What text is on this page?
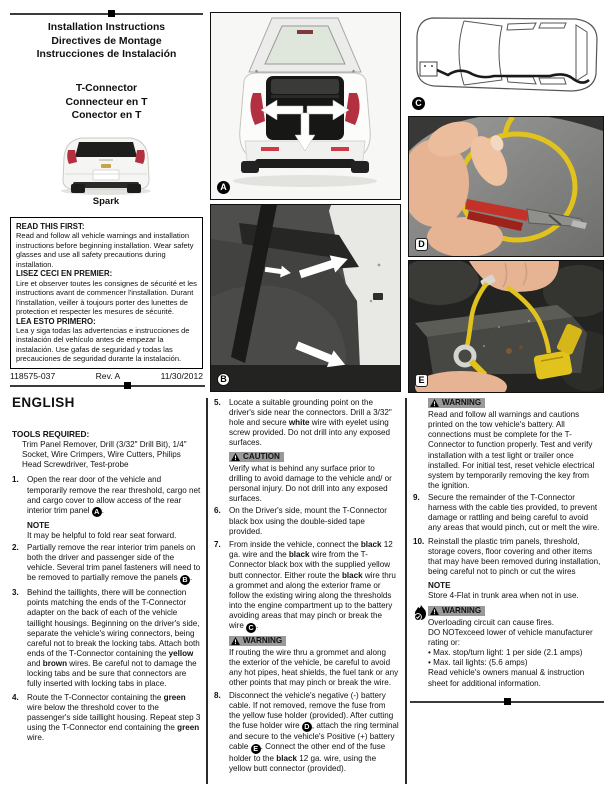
Installation Instructions
Directives de Montage
Instrucciones de Instalación
T-Connector
Connecteur en T
Conector en T
Spark
READ THIS FIRST:
Read and follow all vehicle warnings and installation instructions before beginning installation. Wear safety glasses and use all safety precautions during installation.
LISEZ CECI EN PREMIER:
Lire et observer toutes les consignes de sécurité et les instructions avant de commencer l'installation. Durant l'installation, veiller à toujours porter des lunettes de protection et respecter les mesures de sécurité.
LEA ESTO PRIMERO:
Lea y siga todas las advertencias e instrucciones de instalación del vehículo antes de empezar la instalación. Use gafas de seguridad y todas las precauciones de seguridad durante la instalación.
118575-037	Rev. A	11/30/2012
A
B
C
D
E
ENGLISH
TOOLS REQUIRED:
Trim Panel Remover, Drill (3/32" Drill Bit), 1/4" Socket, Wire Crimpers, Wire Cutters, Philips Head Screwdriver, Test-probe
1.	Open the rear door of the vehicle and temporarily remove the rear threshold, cargo net and cargo cover to allow access of the rear interior trim panel A .
NOTE
It may be helpful to fold rear seat forward.
2.	Partially remove the rear interior trim panels on both the driver and passenger side of the vehicle. Several trim panel fasteners will need to be removed to partially remove the panels B .
3.	Behind the taillights, there will be connection points matching the ends of the T-Connector adapter on the back of each of the vehicle taillight housings. Beginning on the driver's side, separate the vehicle's wiring connectors, being careful not to break the locking tabs. Attach both ends of the T-Connector containing the yellow and brown wires. Be careful not to damage the locking tabs and be sure that connectors are fully inserted with locking tabs in place.
4.	Route the T-Connector containing the green wire below the threshold cover to the passenger's side taillight housing. Repeat step 3 using the T-Connector end containing the green wire.
5.	Locate a suitable grounding point on the driver's side near the connectors. Drill a 3/32" hole and secure white wire with eyelet using screw provided. Do not drill into any exposed surfaces.
CAUTION
Verify what is behind any surface prior to drilling to avoid damage to the vehicle and/ or personal injury. Do not drill into any exposed surfaces.
6.	On the Driver's side, mount the T-Connector black box using the double-sided tape provided.
7.	From inside the vehicle, connect the black 12 ga. wire and the black wire from the T-Connector black box with the supplied yellow butt connector. Either route the black wire thru a grommet and along the exterior frame or follow the existing wiring along the thresholds into the engine compartment up to the battery avoiding areas that may pinch or break the wire C .
WARNING
If routing the wire thru a grommet and along the exterior of the vehicle, be careful to avoid any hot pipes, heat shields, the fuel tank or any other points that may pinch or break the wire.
8.	Disconnect the vehicle's negative (-) battery cable. If not removed, remove the fuse from the yellow fuse holder (provided). After cutting the fuse holder wire D , attach the ring terminal and secure to the vehicle's Positive (+) battery cable E . Connect the other end of the fuse holder to the black 12 ga. wire, using the yellow butt connector (provided).
WARNING
Read and follow all warnings and cautions printed on the tow vehicle's battery. All connections must be complete for the T-Connector to function properly. Test and verify installation with a test light or trailer once installed. For initial test, reset vehicle electrical system by temporarily removing the key from the ignition.
9.	Secure the remainder of the T-Connector harness with the cable ties provided, to prevent damage or rattling and being careful to avoid any areas that would pinch, cut or melt the wire.
10. Reinstall the plastic trim panels, threshold, storage covers, floor covering and other items that may have been removed during installation, being careful not to pinch or cut the wires
NOTE
Store 4-Flat in trunk area when not in use.
WARNING
Overloading circuit can cause fires.
DO NOTexceed lower of vehicle manufacturer rating or:
• Max. stop/turn light: 1 per side (2.1 amps)
• Max. tail lights: (5.6 amps)
Read vehicle's owners manual & instruction sheet for additional information.
